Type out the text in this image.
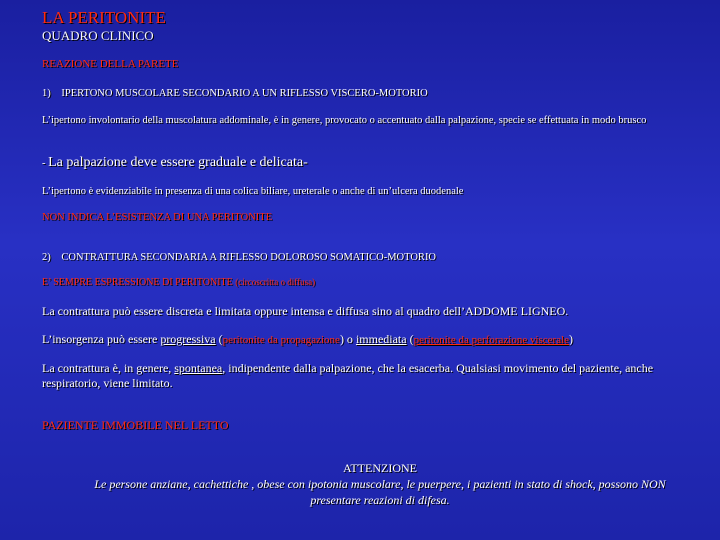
LA PERITONITE
QUADRO CLINICO
REAZIONE DELLA PARETE
1) IPERTONO MUSCOLARE SECONDARIO A UN RIFLESSO VISCERO-MOTORIO
L’ipertono involontario della muscolatura addominale, è in genere, provocato o accentuato dalla palpazione, specie se effettuata in modo brusco
- La palpazione deve essere graduale e delicata-
L’ipertono è evidenziabile in presenza di una colica biliare, ureterale o anche di un’ulcera duodenale
NON INDICA L’ESISTENZA DI UNA PERITONITE
2) CONTRATTURA SECONDARIA A RIFLESSO DOLOROSO SOMATICO-MOTORIO
E’ SEMPRE ESPRESSIONE DI PERITONITE (circoscritta o diffusa)
La contrattura può essere discreta e limitata oppure intensa e diffusa sino al quadro dell’ADDOME LIGNEO.
L’insorgenza può essere progressiva (peritonite da propagazione) o immediata (peritonite da perforazione viscerale)
La contrattura è, in genere, spontanea, indipendente dalla palpazione, che la esacerba. Qualsiasi movimento del paziente, anche respiratorio, viene limitato.
PAZIENTE IMMOBILE NEL LETTO
ATTENZIONE
Le persone anziane, cachettiche , obese con ipotonia muscolare, le puerpere, i pazienti in stato di shock, possono NON presentare reazioni di difesa.
